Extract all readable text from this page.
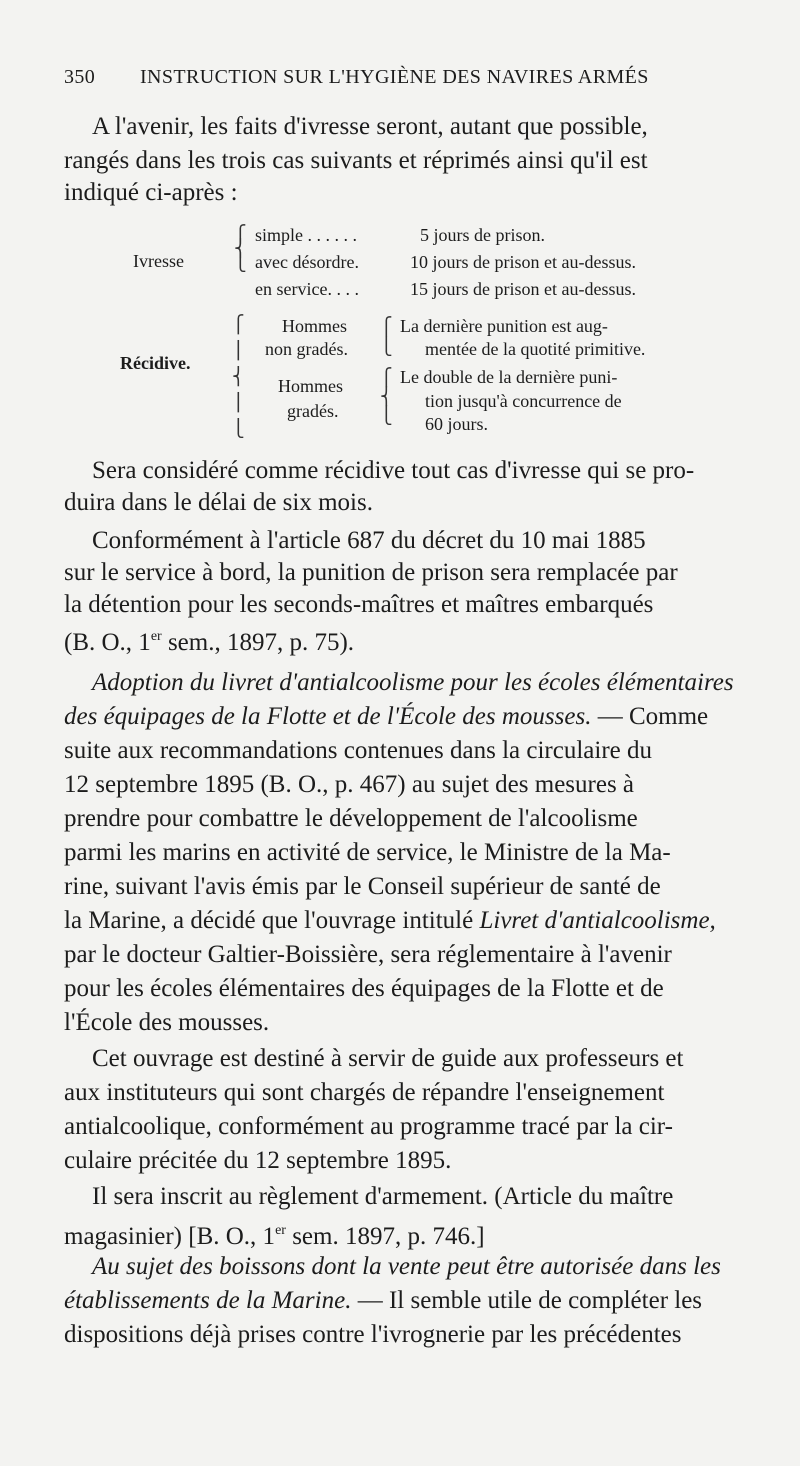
350 INSTRUCTION SUR L'HYGIÈNE DES NAVIRES ARMÉS
A l'avenir, les faits d'ivresse seront, autant que possible,
rangés dans les trois cas suivants et réprimés ainsi qu'il est
indiqué ci-après :
Ivresse
⎧
⎨
⎩
simple . . . . . .
avec désordre.
en service. . . .
5 jours de prison.
10 jours de prison et au-dessus.
15 jours de prison et au-dessus.
Récidive.
⎧
⎪
⎨
⎪
⎩
Hommes
non gradés.
Hommes
gradés.
⎧
⎩
⎧
⎨
⎩
La dernière punition est aug-
mentée de la quotité primitive.
Le double de la dernière puni-
tion jusqu'à concurrence de
60 jours.
Sera considéré comme récidive tout cas d'ivresse qui se pro-
duira dans le délai de six mois.
Conformément à l'article 687 du décret du 10 mai 1885
sur le service à bord, la punition de prison sera remplacée par
la détention pour les seconds-maîtres et maîtres embarqués
(B. O., 1er sem., 1897, p. 75).
Adoption du livret d'antialcoolisme pour les écoles élémentaires
des équipages de la Flotte et de l'École des mousses. — Comme
suite aux recommandations contenues dans la circulaire du
12 septembre 1895 (B. O., p. 467) au sujet des mesures à
prendre pour combattre le développement de l'alcoolisme
parmi les marins en activité de service, le Ministre de la Ma-
rine, suivant l'avis émis par le Conseil supérieur de santé de
la Marine, a décidé que l'ouvrage intitulé Livret d'antialcoolisme,
par le docteur Galtier-Boissière, sera réglementaire à l'avenir
pour les écoles élémentaires des équipages de la Flotte et de
l'École des mousses.
Cet ouvrage est destiné à servir de guide aux professeurs et
aux instituteurs qui sont chargés de répandre l'enseignement
antialcoolique, conformément au programme tracé par la cir-
culaire précitée du 12 septembre 1895.
Il sera inscrit au règlement d'armement. (Article du maître
magasinier) [B. O., 1er sem. 1897, p. 746.]
Au sujet des boissons dont la vente peut être autorisée dans les
établissements de la Marine. — Il semble utile de compléter les
dispositions déjà prises contre l'ivrognerie par les précédentes
